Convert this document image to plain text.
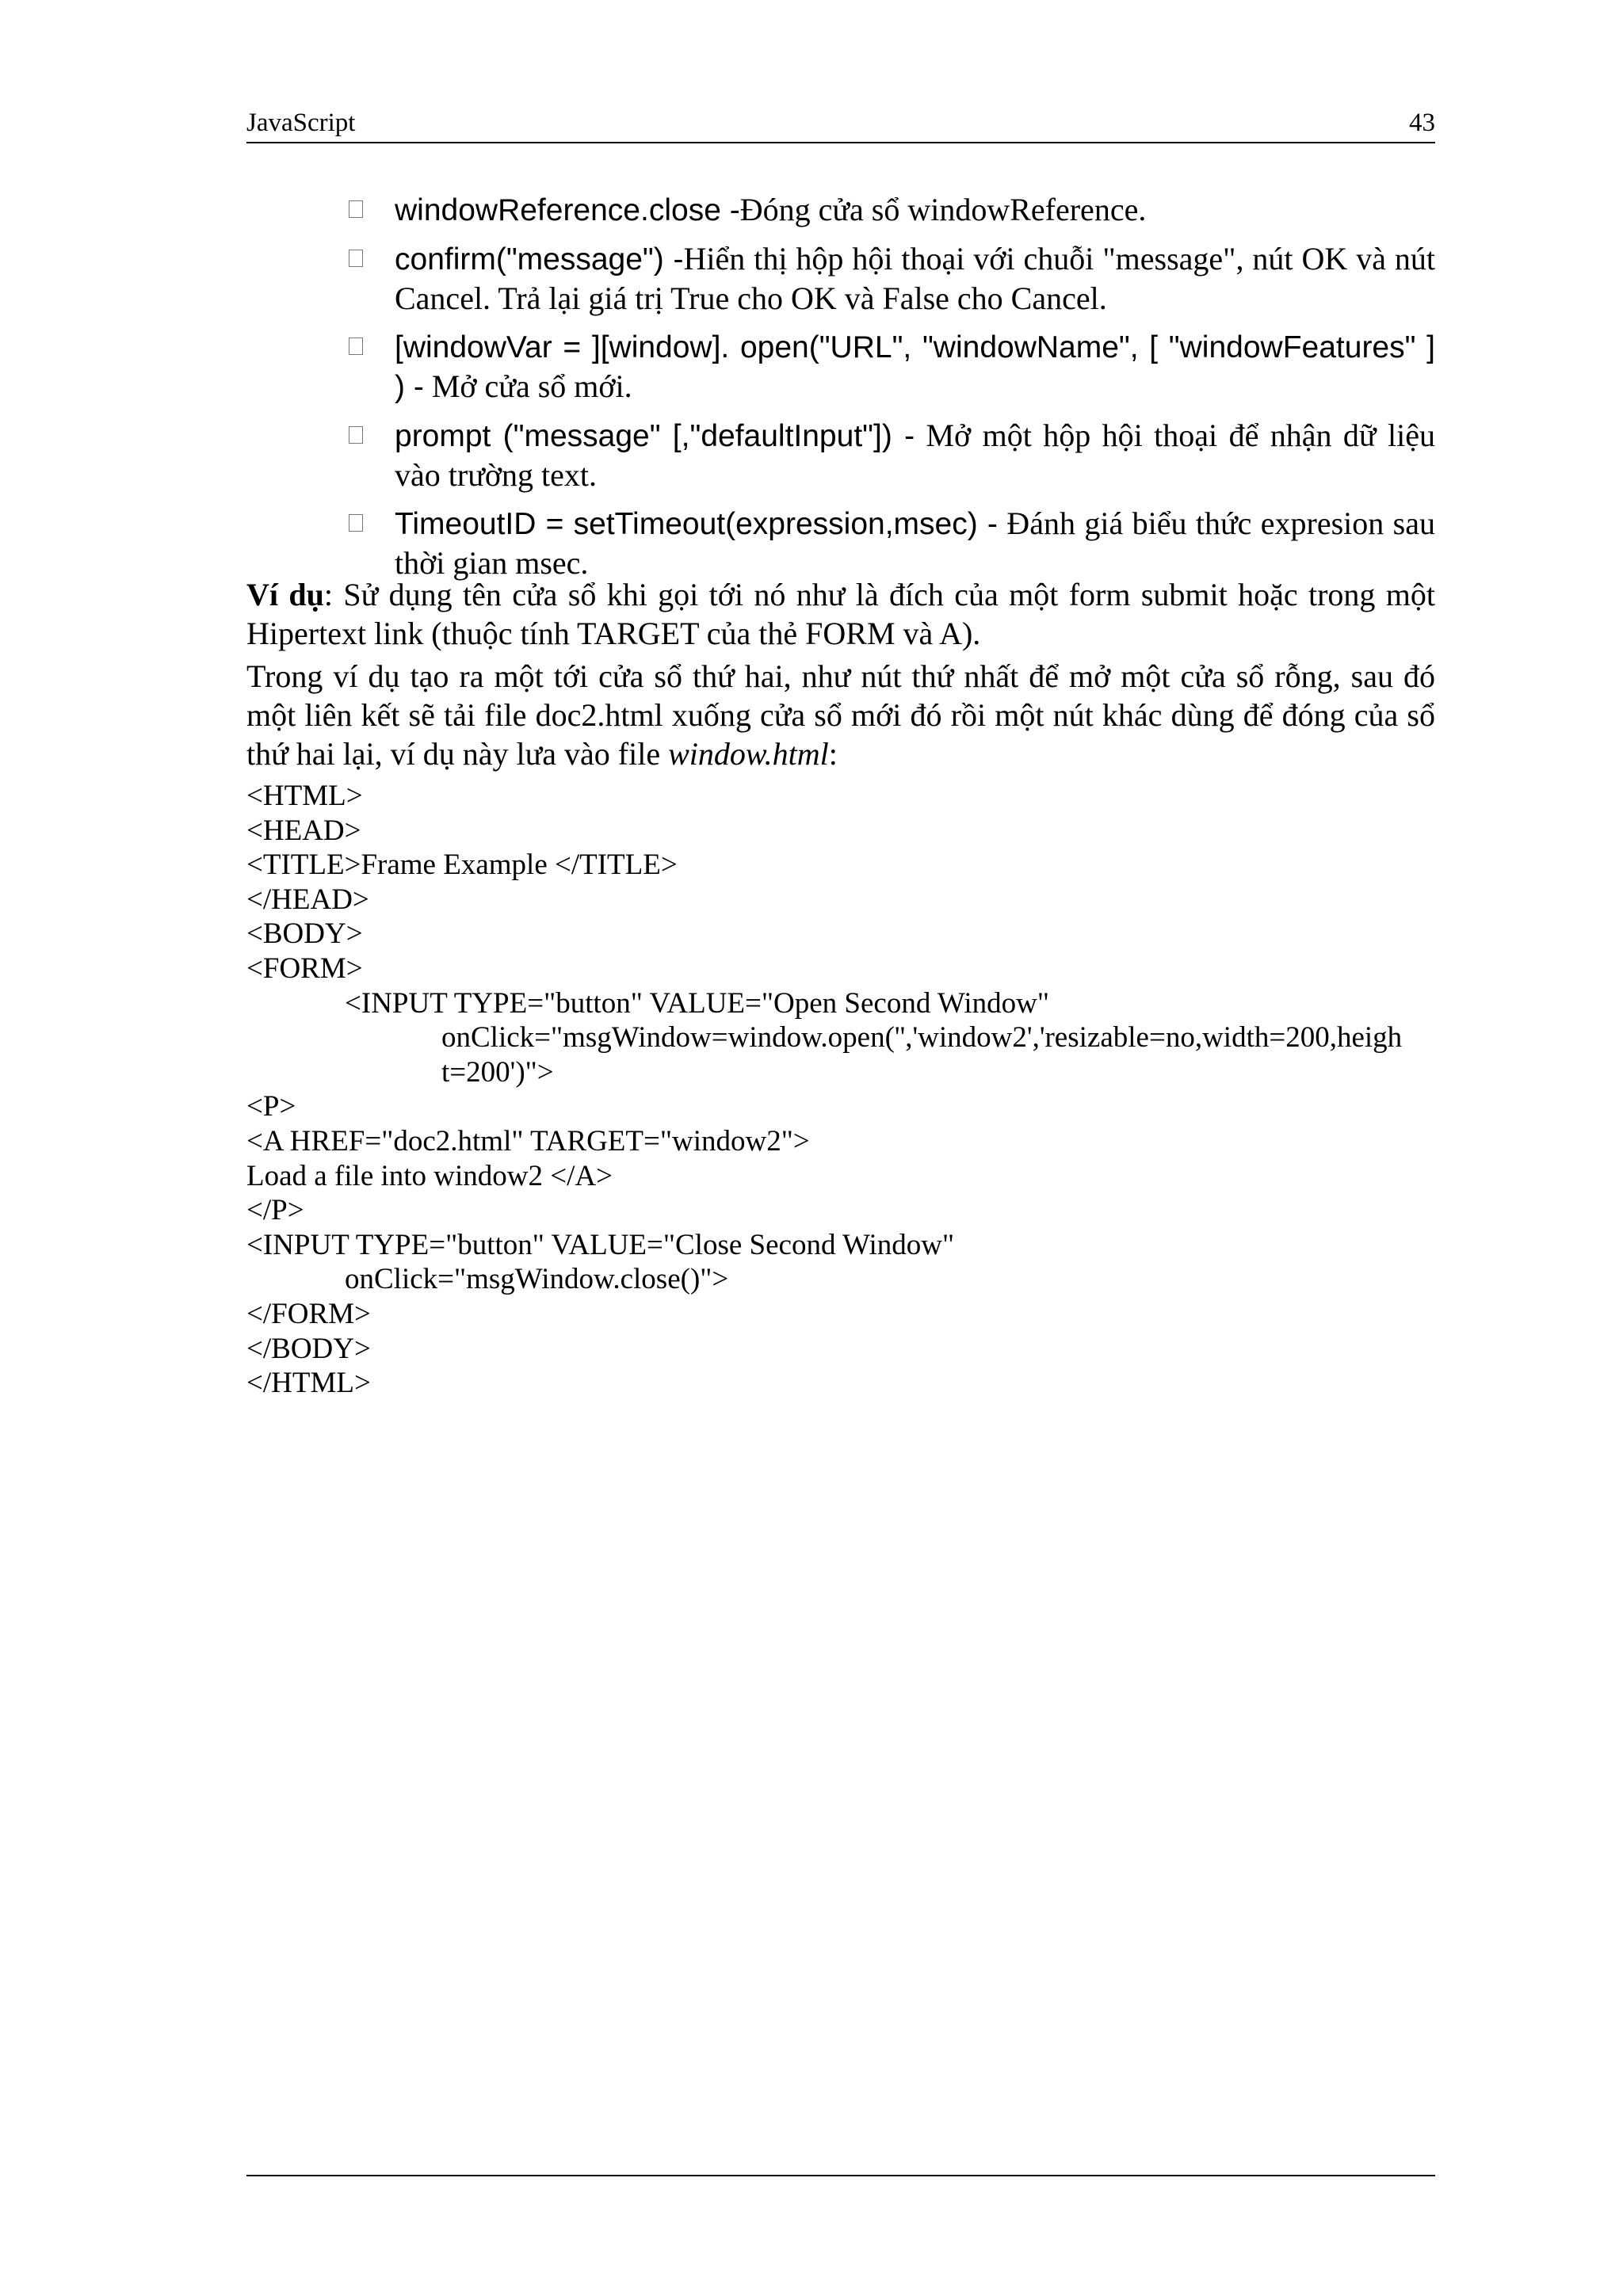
JavaScript	43
windowReference.close -Đóng cửa sổ windowReference.
confirm("message") -Hiển thị hộp hội thoại với chuỗi "message", nút OK và nút Cancel. Trả lại giá trị True cho OK và False cho Cancel.
[windowVar = ][window]. open("URL", "windowName", [ "windowFeatures" ] ) - Mở cửa sổ mới.
prompt ("message" [,"defaultInput"]) - Mở một hộp hội thoại để nhận dữ liệu vào trường text.
TimeoutID = setTimeout(expression,msec) - Đánh giá biểu thức expresion sau thời gian msec.
Ví dụ: Sử dụng tên cửa sổ khi gọi tới nó như là đích của một form submit hoặc trong một Hipertext link (thuộc tính TARGET của thẻ FORM và A).
Trong ví dụ tạo ra một tới cửa sổ thứ hai, như nút thứ nhất để mở một cửa sổ rỗng, sau đó một liên kết sẽ tải file doc2.html xuống cửa sổ mới đó rồi một nút khác dùng để đóng của sổ thứ hai lại, ví dụ này lưa vào file window.html:
<HTML>
<HEAD>
<TITLE>Frame Example </TITLE>
</HEAD>
<BODY>
<FORM>
<INPUT TYPE="button" VALUE="Open Second Window"
onClick="msgWindow=window.open('','window2','resizable=no,width=200,heigh
t=200')">
<P>
<A HREF="doc2.html" TARGET="window2">
Load a file into window2 </A>
</P>
<INPUT TYPE="button" VALUE="Close Second Window"
onClick="msgWindow.close()">
</FORM>
</BODY>
</HTML>
